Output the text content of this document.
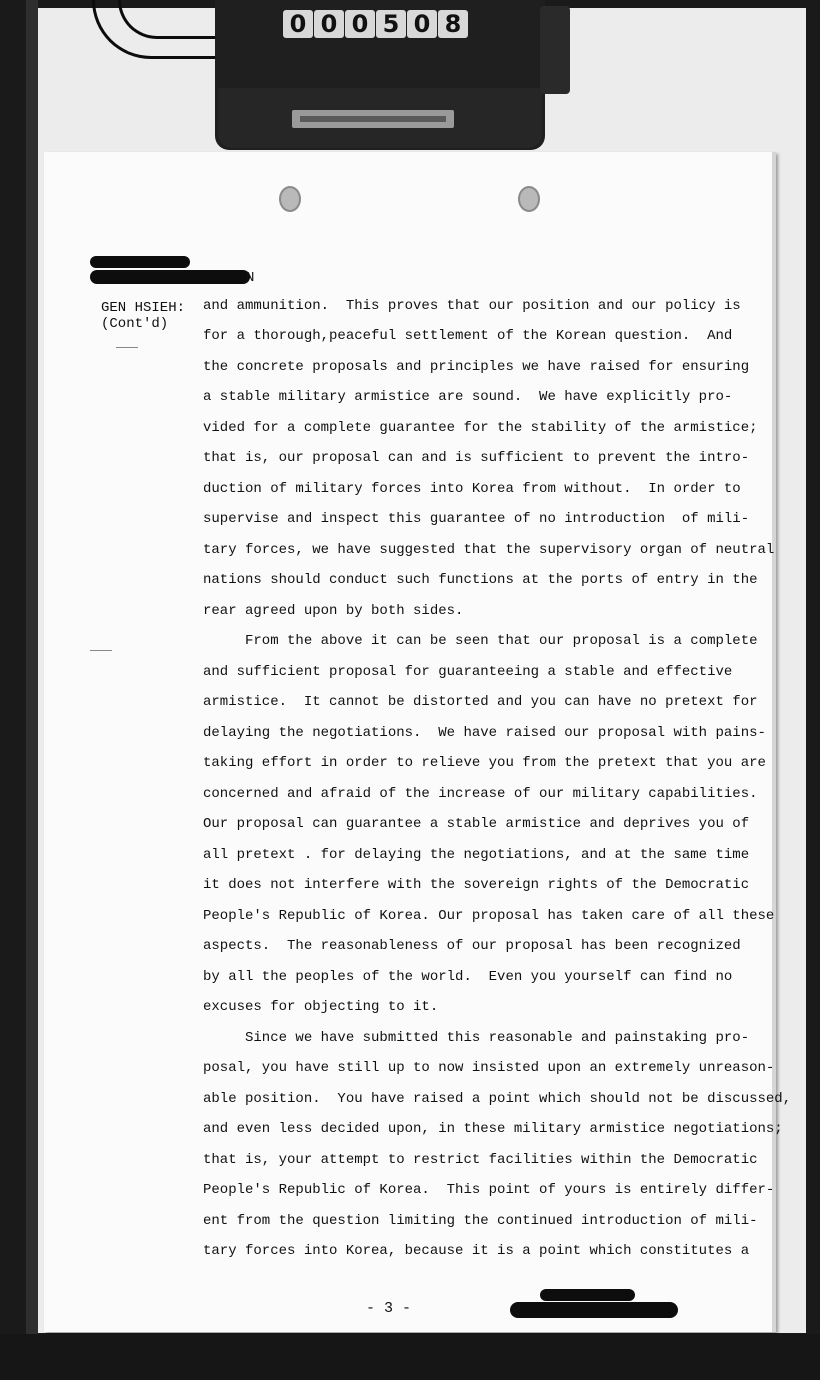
0 0 0 5 0 8
N
GEN HSIEH:
(Cont'd)
and ammunition.  This proves that our position and our policy is
for a thorough,peaceful settlement of the Korean question.  And
the concrete proposals and principles we have raised for ensuring
a stable military armistice are sound.  We have explicitly pro-
vided for a complete guarantee for the stability of the armistice;
that is, our proposal can and is sufficient to prevent the intro-
duction of military forces into Korea from without.  In order to
supervise and inspect this guarantee of no introduction  of mili-
tary forces, we have suggested that the supervisory organ of neutral
nations should conduct such functions at the ports of entry in the
rear agreed upon by both sides.
From the above it can be seen that our proposal is a complete
and sufficient proposal for guaranteeing a stable and effective
armistice.  It cannot be distorted and you can have no pretext for
delaying the negotiations.  We have raised our proposal with pains-
taking effort in order to relieve you from the pretext that you are
concerned and afraid of the increase of our military capabilities.
Our proposal can guarantee a stable armistice and deprives you of
all pretext . for delaying the negotiations, and at the same time
it does not interfere with the sovereign rights of the Democratic
People's Republic of Korea. Our proposal has taken care of all these
aspects.  The reasonableness of our proposal has been recognized
by all the peoples of the world.  Even you yourself can find no
excuses for objecting to it.
Since we have submitted this reasonable and painstaking pro-
posal, you have still up to now insisted upon an extremely unreason-
able position.  You have raised a point which should not be discussed,
and even less decided upon, in these military armistice negotiations;
that is, your attempt to restrict facilities within the Democratic
People's Republic of Korea.  This point of yours is entirely differ-
ent from the question limiting the continued introduction of mili-
tary forces into Korea, because it is a point which constitutes a
- 3 -
